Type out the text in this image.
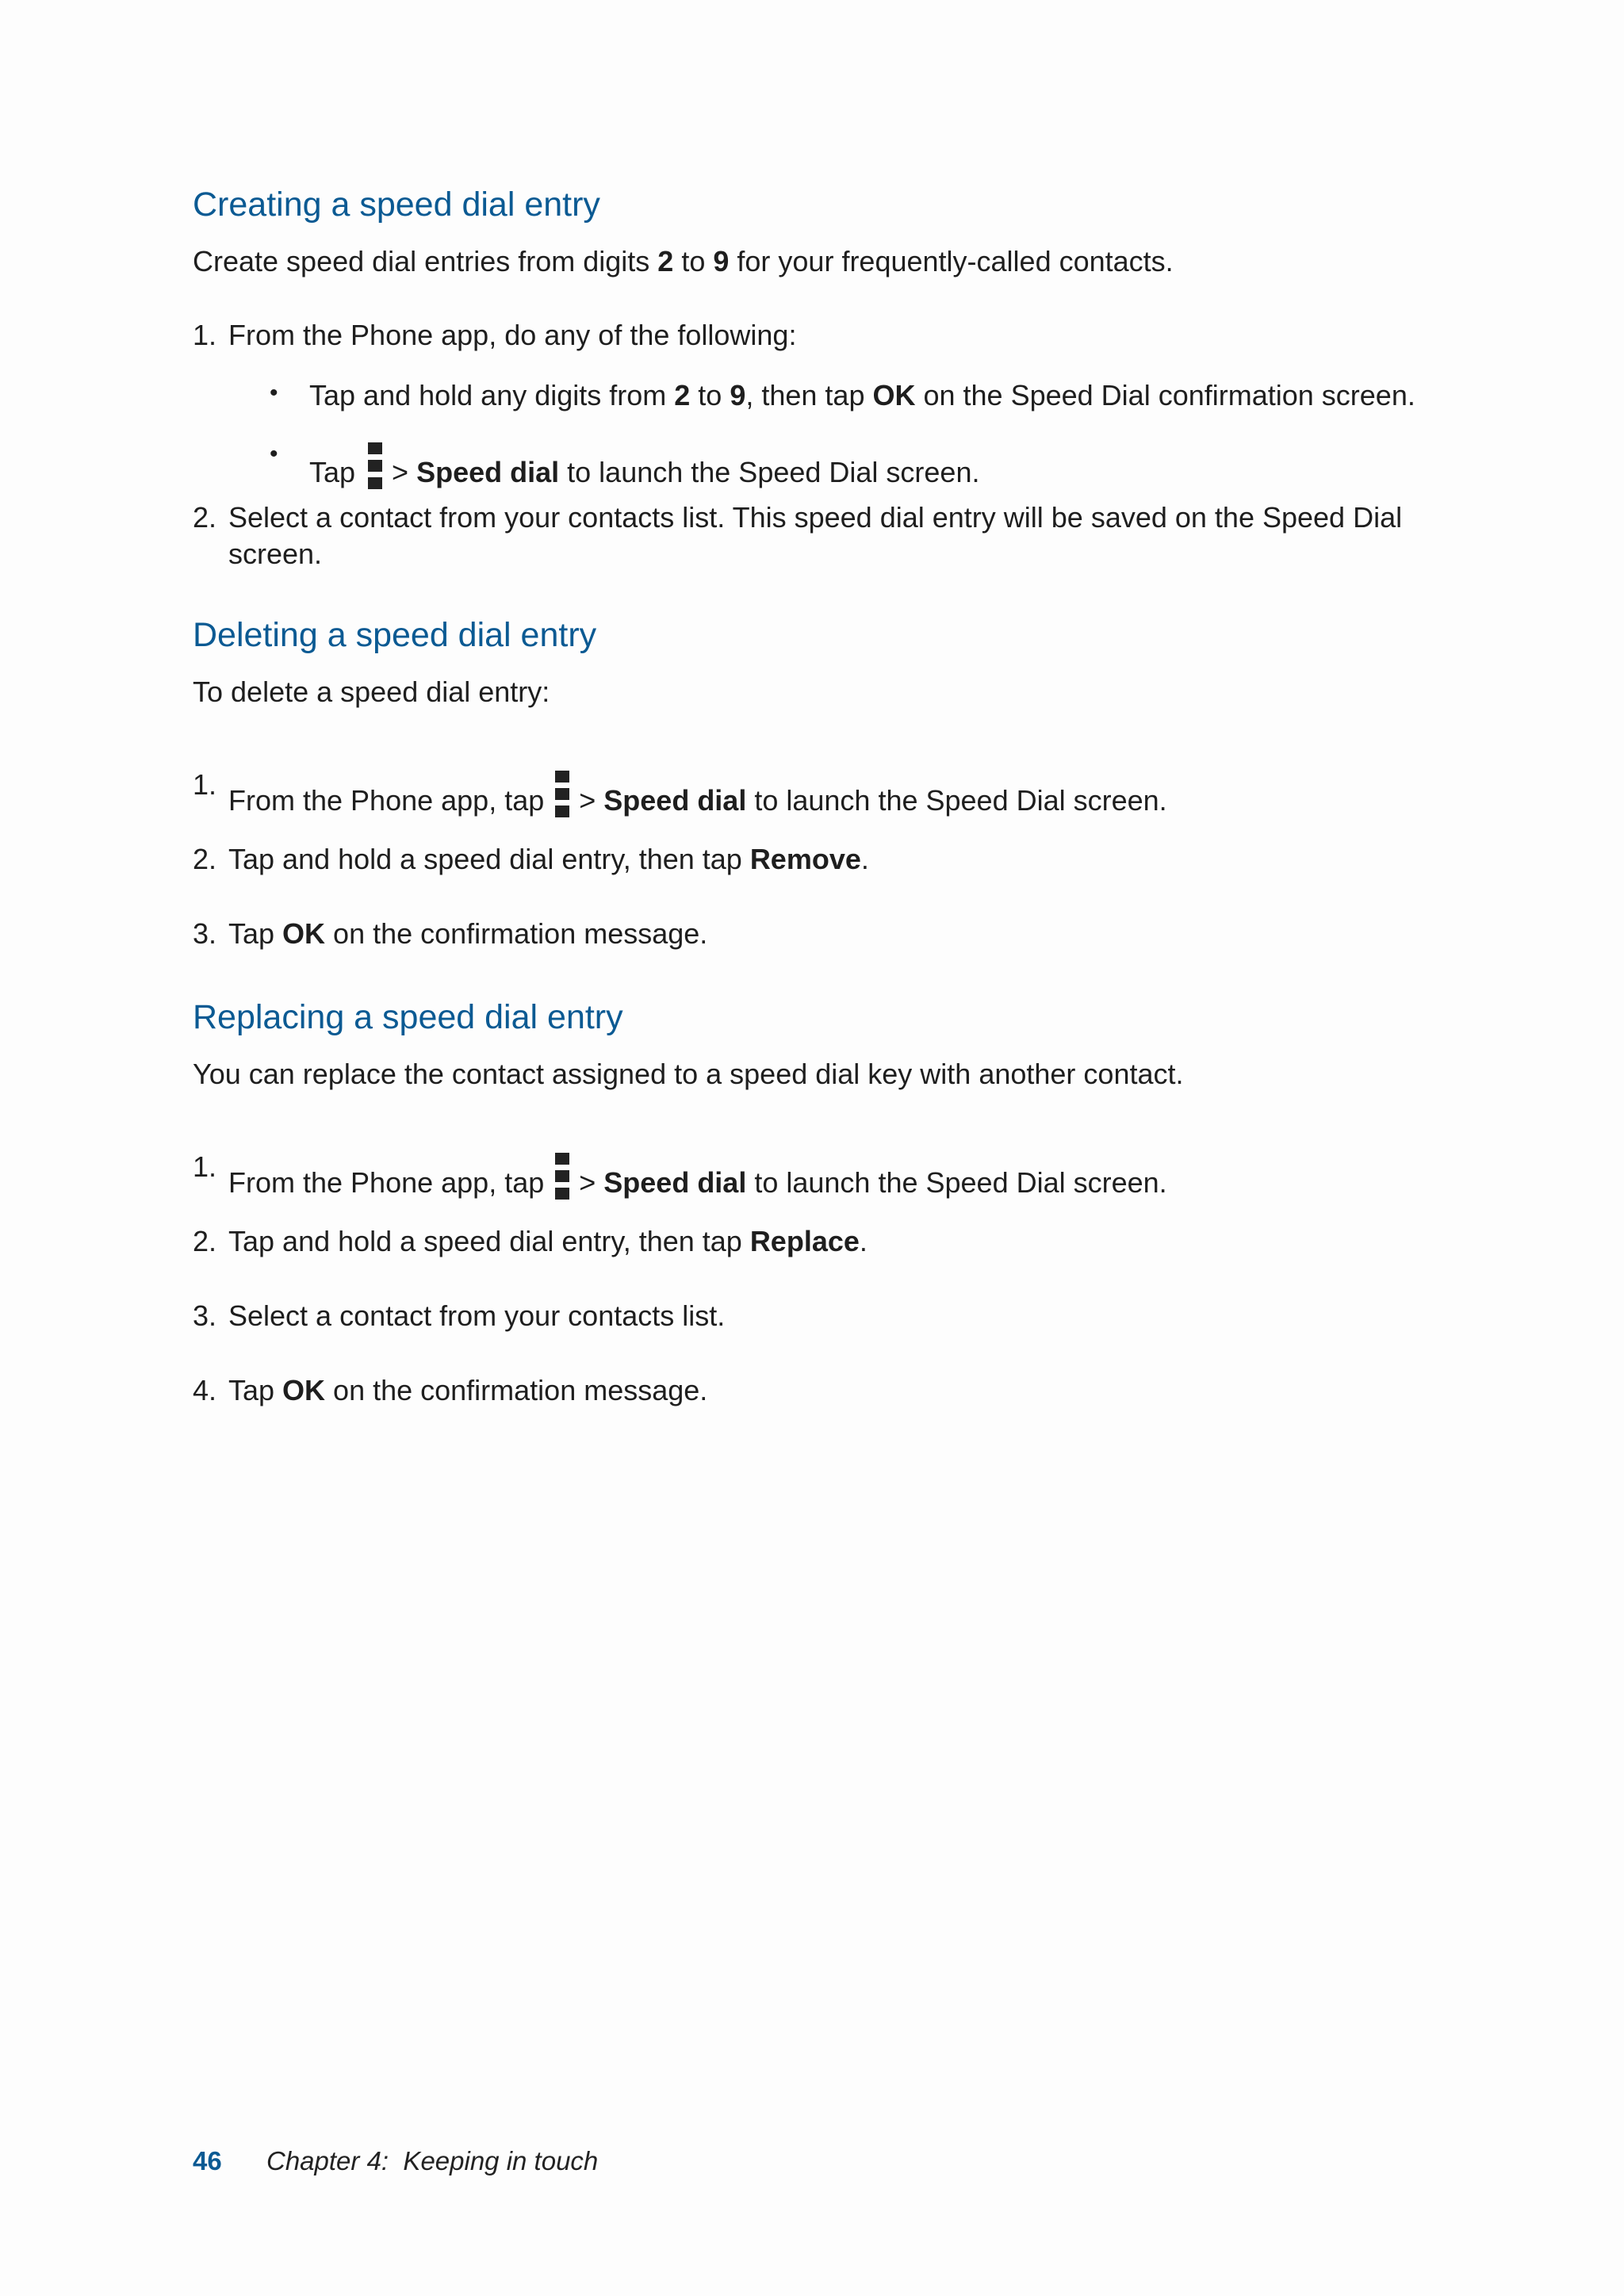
Creating a speed dial entry

Create speed dial entries from digits 2 to 9 for your frequently-called contacts.

1. From the Phone app, do any of the following:
• Tap and hold any digits from 2 to 9, then tap OK on the Speed Dial confirmation screen.
•
Tap > Speed dial to launch the Speed Dial screen.
2. Select a contact from your contacts list. This speed dial entry will be saved on the Speed Dial
screen.
Deleting a speed dial entry

To delete a speed dial entry:

1. From the Phone app, tap > Speed dial to launch the Speed Dial screen.
2. Tap and hold a speed dial entry, then tap Remove.
3. Tap OK on the confirmation message.
Replacing a speed dial entry

You can replace the contact assigned to a speed dial key with another contact.

1. From the Phone app, tap > Speed dial to launch the Speed Dial screen.
2. Tap and hold a speed dial entry, then tap Replace.
3. Select a contact from your contacts list.
4. Tap OK on the confirmation message.
46 Chapter 4:  Keeping in touch
